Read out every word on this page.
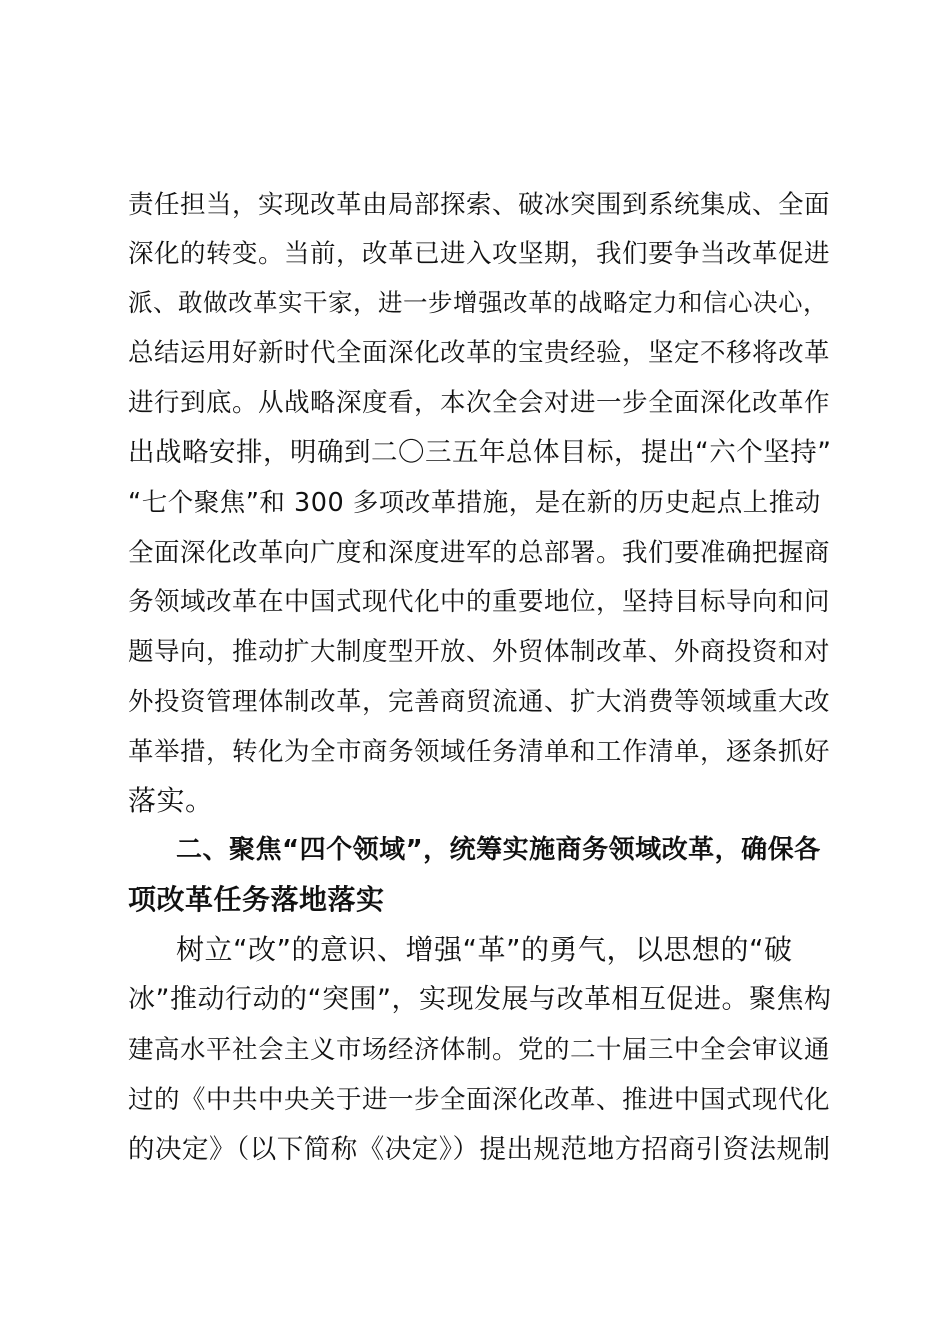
责任担当，实现改革由局部探索、破冰突围到系统集成、全面
深化的转变。当前，改革已进入攻坚期，我们要争当改革促进
派、敢做改革实干家，进一步增强改革的战略定力和信心决心，
总结运用好新时代全面深化改革的宝贵经验，坚定不移将改革
进行到底。从战略深度看，本次全会对进一步全面深化改革作
出战略安排，明确到二〇三五年总体目标，提出“六个坚持”
“七个聚焦”和 300 多项改革措施，是在新的历史起点上推动
全面深化改革向广度和深度进军的总部署。我们要准确把握商
务领域改革在中国式现代化中的重要地位，坚持目标导向和问
题导向，推动扩大制度型开放、外贸体制改革、外商投资和对
外投资管理体制改革，完善商贸流通、扩大消费等领域重大改
革举措，转化为全市商务领域任务清单和工作清单，逐条抓好
落实。
二、聚焦“四个领域”，统筹实施商务领域改革，确保各
项改革任务落地落实
树立“改”的意识、增强“革”的勇气，以思想的“破
冰”推动行动的“突围”，实现发展与改革相互促进。聚焦构
建高水平社会主义市场经济体制。党的二十届三中全会审议通
过的《中共中央关于进一步全面深化改革、推进中国式现代化
的决定》（以下简称《决定》）提出规范地方招商引资法规制
